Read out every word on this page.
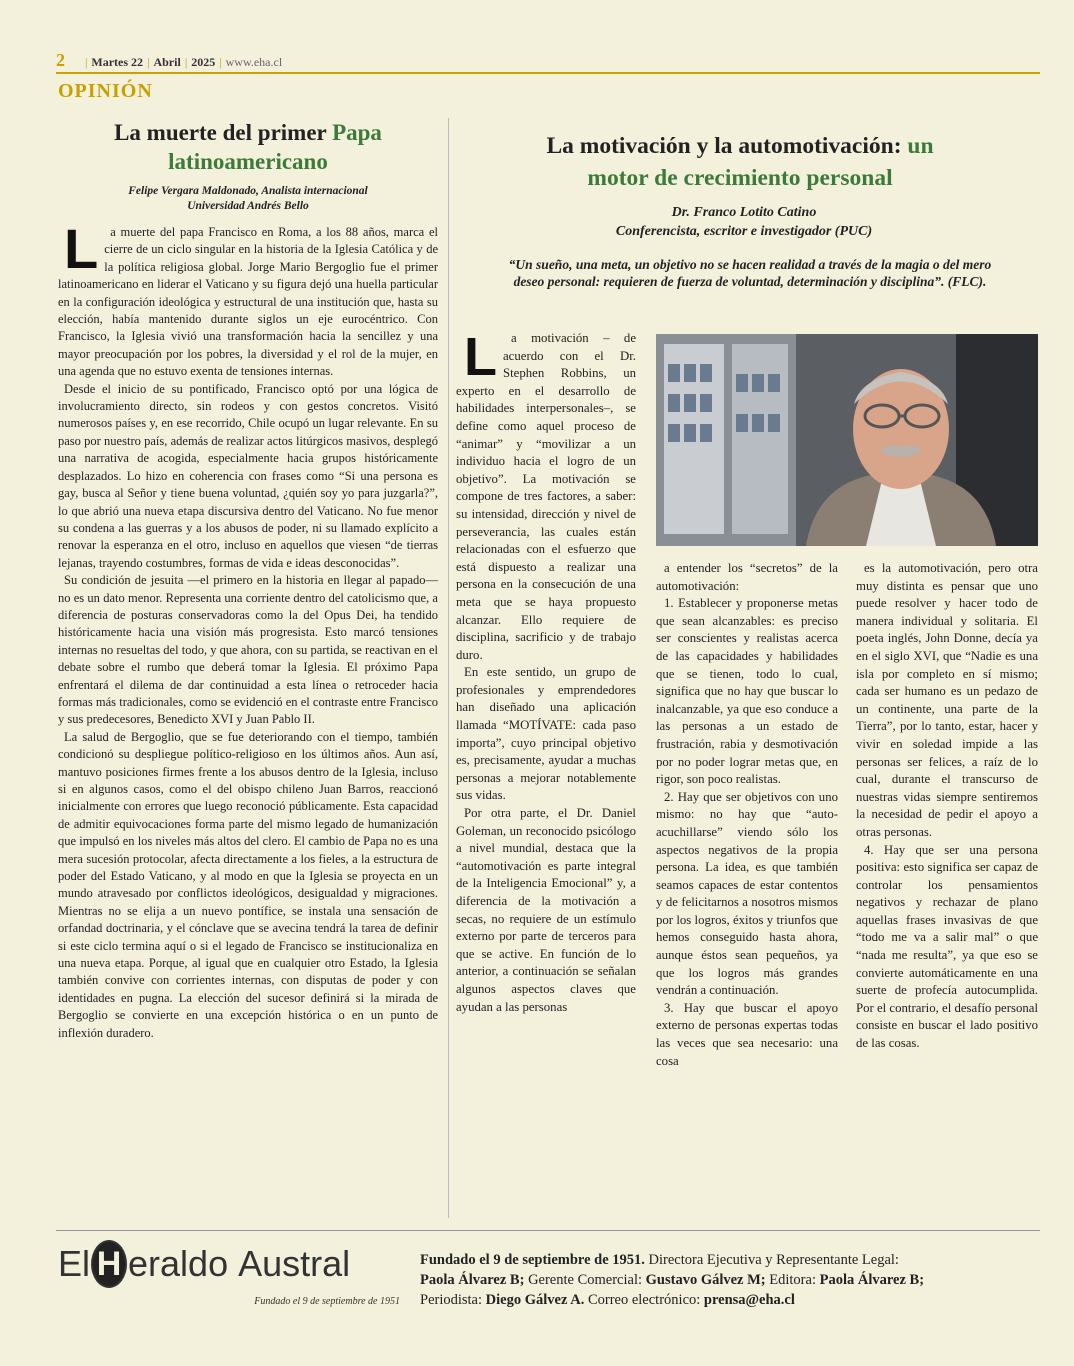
2 | Martes 22 | Abril | 2025 | www.eha.cl
OPINIÓN
La muerte del primer Papa
latinoamericano
Felipe Vergara Maldonado, Analista internacional
Universidad Andrés Bello

La muerte del papa Francisco en Roma, a los 88 años, marca el cierre de un ciclo singular en la historia de la Iglesia Católica y de la política religiosa global. Jorge Mario Bergoglio fue el primer latinoamericano en liderar el Vaticano y su figura dejó una huella particular en la configuración ideológica y estructural de una institución que, hasta su elección, había mantenido durante siglos un eje eurocéntrico. Con Francisco, la Iglesia vivió una transformación hacia la sencillez y una mayor preocupación por los pobres, la diversidad y el rol de la mujer, en una agenda que no estuvo exenta de tensiones internas.

Desde el inicio de su pontificado, Francisco optó por una lógica de involucramiento directo, sin rodeos y con gestos concretos. Visitó numerosos países y, en ese recorrido, Chile ocupó un lugar relevante. En su paso por nuestro país, además de realizar actos litúrgicos masivos, desplegó una narrativa de acogida, especialmente hacia grupos históricamente desplazados. Lo hizo en coherencia con frases como “Si una persona es gay, busca al Señor y tiene buena voluntad, ¿quién soy yo para juzgarla?”, lo que abrió una nueva etapa discursiva dentro del Vaticano. No fue menor su condena a las guerras y a los abusos de poder, ni su llamado explícito a renovar la esperanza en el otro, incluso en aquellos que viesen “de tierras lejanas, trayendo costumbres, formas de vida e ideas desconocidas”.

Su condición de jesuita —el primero en la historia en llegar al papado— no es un dato menor. Representa una corriente dentro del catolicismo que, a diferencia de posturas conservadoras como la del Opus Dei, ha tendido históricamente hacia una visión más progresista. Esto marcó tensiones internas no resueltas del todo, y que ahora, con su partida, se reactivan en el debate sobre el rumbo que deberá tomar la Iglesia. El próximo Papa enfrentará el dilema de dar continuidad a esta línea o retroceder hacia formas más tradicionales, como se evidenció en el contraste entre Francisco y sus predecesores, Benedicto XVI y Juan Pablo II.

La salud de Bergoglio, que se fue deteriorando con el tiempo, también condicionó su despliegue político-religioso en los últimos años. Aun así, mantuvo posiciones firmes frente a los abusos dentro de la Iglesia, incluso si en algunos casos, como el del obispo chileno Juan Barros, reaccionó inicialmente con errores que luego reconoció públicamente. Esta capacidad de admitir equivocaciones forma parte del mismo legado de humanización que impulsó en los niveles más altos del clero. El cambio de Papa no es una mera sucesión protocolar, afecta directamente a los fieles, a la estructura de poder del Estado Vaticano, y al modo en que la Iglesia se proyecta en un mundo atravesado por conflictos ideológicos, desigualdad y migraciones. Mientras no se elija a un nuevo pontífice, se instala una sensación de orfandad doctrinaria, y el cónclave que se avecina tendrá la tarea de definir si este ciclo termina aquí o si el legado de Francisco se institucionaliza en una nueva etapa. Porque, al igual que en cualquier otro Estado, la Iglesia también convive con corrientes internas, con disputas de poder y con identidades en pugna. La elección del sucesor definirá si la mirada de Bergoglio se convierte en una excepción histórica o en un punto de inflexión duradero.

La motivación y la automotivación: un
motor de crecimiento personal
Dr. Franco Lotito Catino
Conferencista, escritor e investigador (PUC)
“Un sueño, una meta, un objetivo no se hacen realidad a través de la magia o del mero deseo personal: requieren de fuerza de voluntad, determinación y disciplina”. (FLC).

L a motivación – de acuerdo con el Dr. Stephen Robbins, un experto en el desarrollo de habilidades interpersonales–, se define como aquel proceso de “animar” y “movilizar a un individuo hacia el logro de un objetivo”. La motivación se compone de tres factores, a saber: su intensidad, dirección y nivel de perseverancia, las cuales están relacionadas con el esfuerzo que está dispuesto a realizar una persona en la consecución de una meta que se haya propuesto alcanzar. Ello requiere de disciplina, sacrificio y de trabajo duro.

En este sentido, un grupo de profesionales y emprendedores han diseñado una aplicación llamada “MOTÍVATE: cada paso importa”, cuyo principal objetivo es, precisamente, ayudar a muchas personas a mejorar notablemente sus vidas.

Por otra parte, el Dr. Daniel Goleman, un reconocido psicólogo a nivel mundial, destaca que la “automotivación es parte integral de la Inteligencia Emocional” y, a diferencia de la motivación a secas, no requiere de un estímulo externo por parte de terceros para que se active. En función de lo anterior, a continuación se señalan algunos aspectos claves que ayudan a las personas

a entender los “secretos” de la automotivación:

1. Establecer y proponerse metas que sean alcanzables: es preciso ser conscientes y realistas acerca de las capacidades y habilidades que se tienen, todo lo cual, significa que no hay que buscar lo inalcanzable, ya que eso conduce a las personas a un estado de frustración, rabia y desmotivación por no poder lograr metas que, en rigor, son poco realistas.

2. Hay que ser objetivos con uno mismo: no hay que “auto-acuchillarse” viendo sólo los aspectos negativos de la propia persona. La idea, es que también seamos capaces de estar contentos y de felicitarnos a nosotros mismos por los logros, éxitos y triunfos que hemos conseguido hasta ahora, aunque éstos sean pequeños, ya que los logros más grandes vendrán a continuación.

3. Hay que buscar el apoyo externo de personas expertas todas las veces que sea necesario: una cosa

es la automotivación, pero otra muy distinta es pensar que uno puede resolver y hacer todo de manera individual y solitaria. El poeta inglés, John Donne, decía ya en el siglo XVI, que “Nadie es una isla por completo en sí mismo; cada ser humano es un pedazo de un continente, una parte de la Tierra”, por lo tanto, estar, hacer y vivir en soledad impide a las personas ser felices, a raíz de lo cual, durante el transcurso de nuestras vidas siempre sentiremos la necesidad de pedir el apoyo a otras personas.

4. Hay que ser una persona positiva: esto significa ser capaz de controlar los pensamientos negativos y rechazar de plano aquellas frases invasivas de que “todo me va a salir mal” o que “nada me resulta”, ya que eso se convierte automáticamente en una suerte de profecía autocumplida. Por el contrario, el desafío personal consiste en buscar el lado positivo de las cosas.

El H eraldo
Austral
Fundado el 9 de septiembre de 1951
Fundado el 9 de septiembre de 1951. Directora Ejecutiva y Representante Legal:
Paola Álvarez B; Gerente Comercial: Gustavo Gálvez M; Editora: Paola Álvarez B;
Periodista: Diego Gálvez A. Correo electrónico: prensa@eha.cl
